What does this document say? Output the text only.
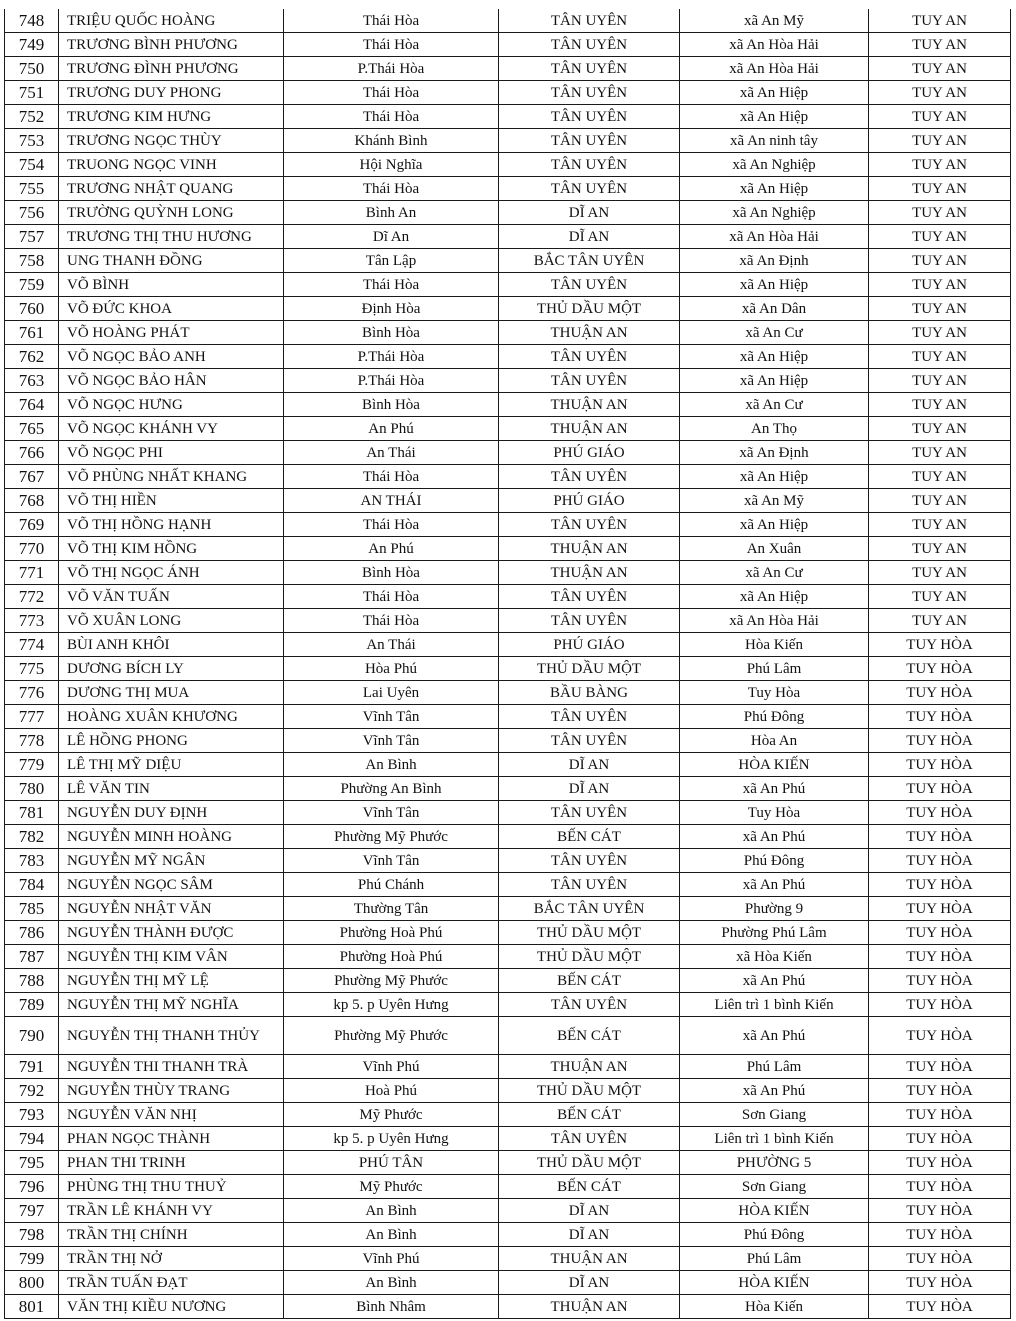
748	TRIỆU QUỐC HOÀNG	Thái Hòa	TÂN UYÊN	xã An Mỹ	TUY AN
749	TRƯƠNG BÌNH PHƯƠNG	Thái Hòa	TÂN UYÊN	xã An Hòa Hải	TUY AN
750	TRƯƠNG ĐÌNH PHƯƠNG	P.Thái Hòa	TÂN UYÊN	xã An Hòa Hải	TUY AN
751	TRƯƠNG DUY PHONG	Thái Hòa	TÂN UYÊN	xã An Hiệp	TUY AN
752	TRƯƠNG KIM HƯNG	Thái Hòa	TÂN UYÊN	xã An Hiệp	TUY AN
753	TRƯƠNG NGỌC THÙY	Khánh Bình	TÂN UYÊN	xã An ninh tây	TUY AN
754	TRUONG NGỌC VINH	Hội Nghĩa	TÂN UYÊN	xã An Nghiệp	TUY AN
755	TRƯƠNG NHẬT QUANG	Thái Hòa	TÂN UYÊN	xã An Hiệp	TUY AN
756	TRƯỜNG QUỲNH LONG	Bình An	DĨ AN	xã An Nghiệp	TUY AN
757	TRƯƠNG THỊ THU HƯƠNG	Dĩ An	DĨ AN	xã An Hòa Hải	TUY AN
758	UNG THANH ĐỒNG	Tân Lập	BẮC TÂN UYÊN	xã An Định	TUY AN
759	VÕ BÌNH	Thái Hòa	TÂN UYÊN	xã An Hiệp	TUY AN
760	VÕ ĐỨC KHOA	Định Hòa	THỦ DẦU MỘT	xã An Dân	TUY AN
761	VÕ HOÀNG PHÁT	Bình Hòa	THUẬN AN	xã An Cư	TUY AN
762	VÕ NGỌC BẢO ANH	P.Thái Hòa	TÂN UYÊN	xã An Hiệp	TUY AN
763	VÕ NGỌC BẢO HÂN	P.Thái Hòa	TÂN UYÊN	xã An Hiệp	TUY AN
764	VÕ NGỌC HƯNG	Bình Hòa	THUẬN AN	xã An Cư	TUY AN
765	VÕ NGỌC KHÁNH VY	An Phú	THUẬN AN	An Thọ	TUY AN
766	VÕ NGỌC PHI	An Thái	PHÚ GIÁO	xã An Định	TUY AN
767	VÕ PHÙNG NHẤT KHANG	Thái Hòa	TÂN UYÊN	xã An Hiệp	TUY AN
768	VÕ THỊ HIỀN	AN THÁI	PHÚ GIÁO	xã An Mỹ	TUY AN
769	VÕ THỊ HỒNG HẠNH	Thái Hòa	TÂN UYÊN	xã An Hiệp	TUY AN
770	VÕ THỊ KIM HỒNG	An Phú	THUẬN AN	An Xuân	TUY AN
771	VÕ THỊ NGỌC ÁNH	Bình Hòa	THUẬN AN	xã An Cư	TUY AN
772	VÕ VĂN TUẤN	Thái Hòa	TÂN UYÊN	xã An Hiệp	TUY AN
773	VÕ XUÂN LONG	Thái Hòa	TÂN UYÊN	xã An Hòa Hải	TUY AN
774	BÙI ANH KHÔI	An Thái	PHÚ GIÁO	Hòa Kiến	TUY HÒA
775	DƯƠNG BÍCH LY	Hòa Phú	THỦ DẦU MỘT	Phú Lâm	TUY HÒA
776	DƯƠNG THỊ MUA	Lai Uyên	BẦU BÀNG	Tuy Hòa	TUY HÒA
777	HOÀNG XUÂN KHƯƠNG	Vĩnh Tân	TÂN UYÊN	Phú Đông	TUY HÒA
778	LÊ HỒNG PHONG	Vĩnh Tân	TÂN UYÊN	Hòa An	TUY HÒA
779	LÊ THỊ MỸ DIỆU	An Bình	DĨ AN	HÒA KIẾN	TUY HÒA
780	LÊ VĂN TIN	Phường An Bình	DĨ AN	xã An Phú	TUY HÒA
781	NGUYỄN DUY ĐỊNH	Vĩnh Tân	TÂN UYÊN	Tuy Hòa	TUY HÒA
782	NGUYỄN MINH HOÀNG	Phường Mỹ Phước	BẾN CÁT	xã An Phú	TUY HÒA
783	NGUYỄN MỸ NGÂN	Vĩnh Tân	TÂN UYÊN	Phú Đông	TUY HÒA
784	NGUYỄN NGỌC SÂM	Phú Chánh	TÂN UYÊN	xã An Phú	TUY HÒA
785	NGUYỄN NHẬT VĂN	Thường Tân	BẮC TÂN UYÊN	Phường 9	TUY HÒA
786	NGUYỄN THÀNH ĐƯỢC	Phường Hoà Phú	THỦ DẦU MỘT	Phường Phú Lâm	TUY HÒA
787	NGUYỄN THỊ KIM VÂN	Phường Hoà Phú	THỦ DẦU MỘT	xã Hòa Kiến	TUY HÒA
788	NGUYỄN THỊ MỸ LỆ	Phường Mỹ Phước	BẾN CÁT	xã An Phú	TUY HÒA
789	NGUYỄN THỊ MỸ NGHĨA	kp 5. p Uyên Hưng	TÂN UYÊN	Liên trì 1 bình Kiến	TUY HÒA
790	NGUYỄN THỊ THANH THỦY	Phường Mỹ Phước	BẾN CÁT	xã An Phú	TUY HÒA
791	NGUYỄN THI THANH TRÀ	Vĩnh Phú	THUẬN AN	Phú Lâm	TUY HÒA
792	NGUYỄN THÙY TRANG	Hoà Phú	THỦ DẦU MỘT	xã An Phú	TUY HÒA
793	NGUYỄN VĂN NHỊ	Mỹ Phước	BẾN CÁT	Sơn Giang	TUY HÒA
794	PHAN NGỌC THÀNH	kp 5. p Uyên Hưng	TÂN UYÊN	Liên trì 1 bình Kiến	TUY HÒA
795	PHAN THI TRINH	PHÚ TÂN	THỦ DẦU MỘT	PHƯỜNG 5	TUY HÒA
796	PHÙNG THỊ THU THUỶ	Mỹ Phước	BẾN CÁT	Sơn Giang	TUY HÒA
797	TRẦN LÊ KHÁNH VY	An Bình	DĨ AN	HÒA KIẾN	TUY HÒA
798	TRẦN THỊ CHÍNH	An Bình	DĨ AN	Phú Đông	TUY HÒA
799	TRẦN THỊ NỞ	Vĩnh Phú	THUẬN AN	Phú Lâm	TUY HÒA
800	TRẦN TUẤN ĐẠT	An Bình	DĨ AN	HÒA KIẾN	TUY HÒA
801	VĂN THỊ KIỀU NƯƠNG	Bình Nhâm	THUẬN AN	Hòa Kiến	TUY HÒA
